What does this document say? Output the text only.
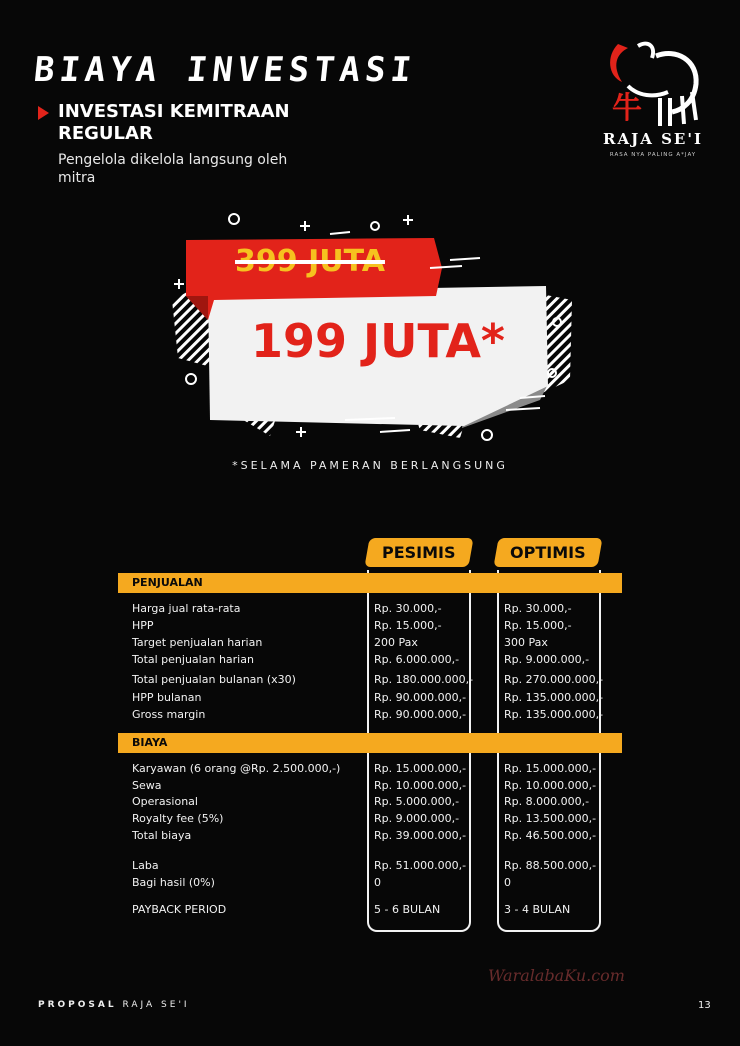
BIAYA INVESTASI
INVESTASI KEMITRAAN REGULAR
Pengelola dikelola langsung oleh mitra
牛
RAJA SE'I
RASA NYA PALING A*JAY
399 JUTA
199 JUTA*
*SELAMA PAMERAN BERLANGSUNG
PESIMIS	OPTIMIS
PENJUALAN
BIAYA
Harga jual rata-rata	Rp. 30.000,-	Rp. 30.000,-
HPP	Rp. 15.000,-	Rp. 15.000,-
Target penjualan harian	200 Pax	300 Pax
Total penjualan harian	Rp. 6.000.000,-	Rp. 9.000.000,-
Total penjualan bulanan (x30)	Rp. 180.000.000,-	Rp. 270.000.000,-
HPP bulanan	Rp. 90.000.000,-	Rp. 135.000.000,-
Gross margin	Rp. 90.000.000,-	Rp. 135.000.000,-
Karyawan (6 orang @Rp. 2.500.000,-)	Rp. 15.000.000,-	Rp. 15.000.000,-
Sewa	Rp. 10.000.000,-	Rp. 10.000.000,-
Operasional	Rp. 5.000.000,-	Rp. 8.000.000,-
Royalty fee (5%)	Rp. 9.000.000,-	Rp. 13.500.000,-
Total biaya	Rp. 39.000.000,-	Rp. 46.500.000,-
Laba	Rp. 51.000.000,-	Rp. 88.500.000,-
Bagi hasil (0%)	0	0
PAYBACK PERIOD	5 - 6 BULAN	3 - 4 BULAN
PROPOSAL RAJA SE'I
WaralabaKu.com
13
